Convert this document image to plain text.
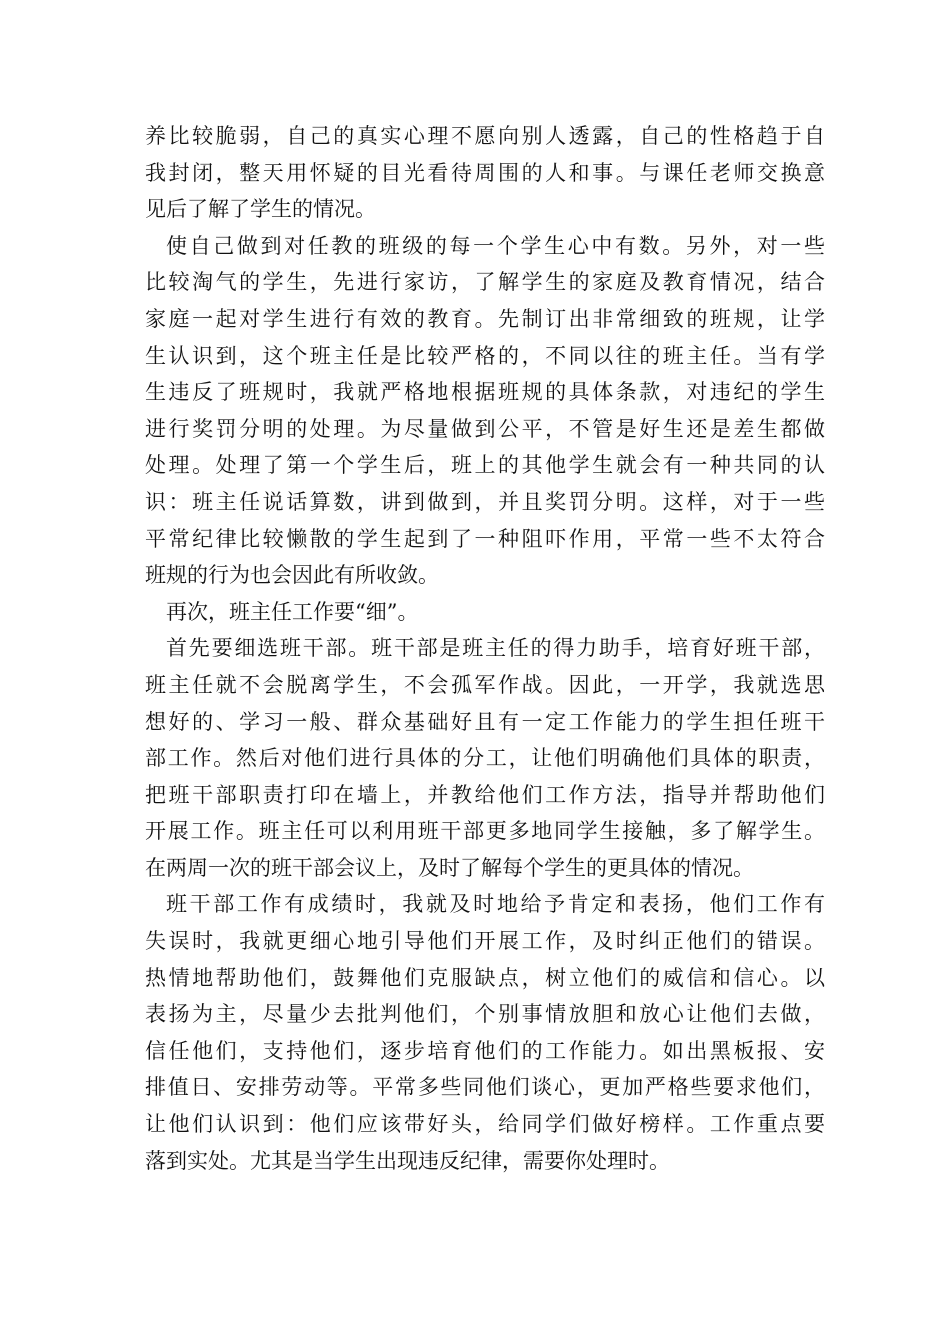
养比较脆弱，自己的真实心理不愿向别人透露，自己的性格趋于自
我封闭，整天用怀疑的目光看待周围的人和事。与课任老师交换意
见后了解了学生的情况。
使自己做到对任教的班级的每一个学生心中有数。另外，对一些
比较淘气的学生，先进行家访，了解学生的家庭及教育情况，结合
家庭一起对学生进行有效的教育。先制订出非常细致的班规，让学
生认识到，这个班主任是比较严格的，不同以往的班主任。当有学
生违反了班规时，我就严格地根据班规的具体条款，对违纪的学生
进行奖罚分明的处理。为尽量做到公平，不管是好生还是差生都做
处理。处理了第一个学生后，班上的其他学生就会有一种共同的认
识：班主任说话算数，讲到做到，并且奖罚分明。这样，对于一些
平常纪律比较懒散的学生起到了一种阻吓作用，平常一些不太符合
班规的行为也会因此有所收敛。
再次，班主任工作要“细”。
首先要细选班干部。班干部是班主任的得力助手，培育好班干部，
班主任就不会脱离学生，不会孤军作战。因此，一开学，我就选思
想好的、学习一般、群众基础好且有一定工作能力的学生担任班干
部工作。然后对他们进行具体的分工，让他们明确他们具体的职责，
把班干部职责打印在墙上，并教给他们工作方法，指导并帮助他们
开展工作。班主任可以利用班干部更多地同学生接触，多了解学生。
在两周一次的班干部会议上，及时了解每个学生的更具体的情况。
班干部工作有成绩时，我就及时地给予肯定和表扬，他们工作有
失误时，我就更细心地引导他们开展工作，及时纠正他们的错误。
热情地帮助他们，鼓舞他们克服缺点，树立他们的威信和信心。以
表扬为主，尽量少去批判他们，个别事情放胆和放心让他们去做，
信任他们，支持他们，逐步培育他们的工作能力。如出黑板报、安
排值日、安排劳动等。平常多些同他们谈心，更加严格些要求他们，
让他们认识到：他们应该带好头，给同学们做好榜样。工作重点要
落到实处。尤其是当学生出现违反纪律，需要你处理时。
